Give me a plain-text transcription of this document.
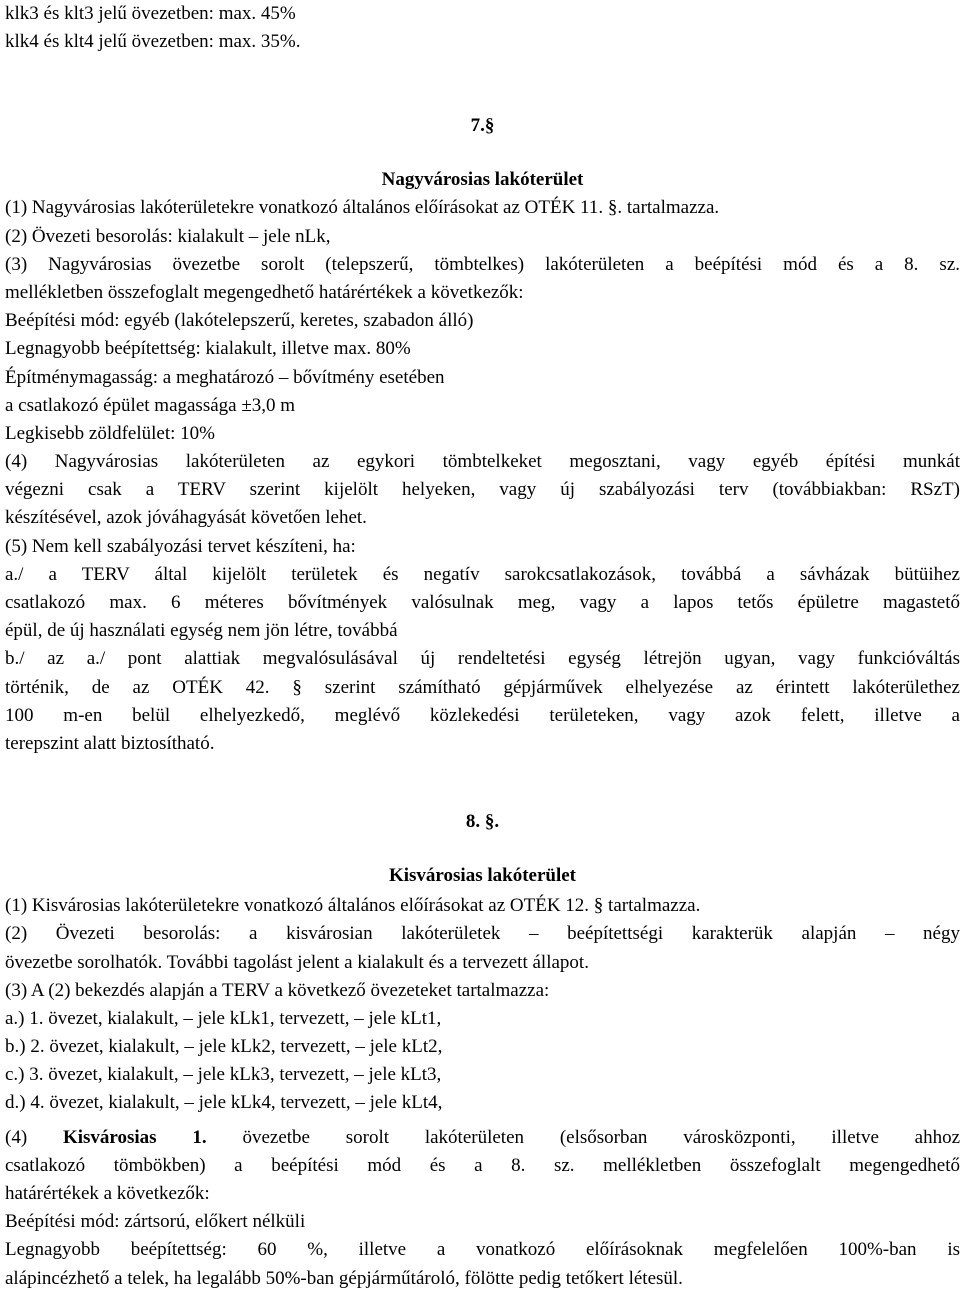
klk3 és klt3 jelű övezetben: max. 45%
klk4 és klt4 jelű övezetben: max. 35%.
7.§
Nagyvárosias lakóterület
(1) Nagyvárosias lakóterületekre vonatkozó általános előírásokat az OTÉK 11. §. tartalmazza.
(2) Övezeti besorolás: kialakult – jele nLk,
(3) Nagyvárosias övezetbe sorolt (telepszerű, tömbtelkes) lakóterületen a beépítési mód és a 8. sz.
mellékletben összefoglalt megengedhető határértékek a következők:
Beépítési mód: egyéb (lakótelepszerű, keretes, szabadon álló)
Legnagyobb beépítettség: kialakult, illetve max. 80%
Építménymagasság: a meghatározó – bővítmény esetében
a csatlakozó épület magassága ±3,0 m
Legkisebb zöldfelület: 10%
(4) Nagyvárosias lakóterületen az egykori tömbtelkeket megosztani, vagy egyéb építési munkát
végezni csak a TERV szerint kijelölt helyeken, vagy új szabályozási terv (továbbiakban: RSzT)
készítésével, azok jóváhagyását követően lehet.
(5) Nem kell szabályozási tervet készíteni, ha:
a./ a TERV által kijelölt területek és negatív sarokcsatlakozások, továbbá a sávházak bütüihez
csatlakozó max. 6 méteres bővítmények valósulnak meg, vagy a lapos tetős épületre magastető
épül, de új használati egység nem jön létre, továbbá
b./ az a./ pont alattiak megvalósulásával új rendeltetési egység létrejön ugyan, vagy funkcióváltás
történik, de az OTÉK 42. § szerint számítható gépjárművek elhelyezése az érintett lakóterülethez
100 m-en belül elhelyezkedő, meglévő közlekedési területeken, vagy azok felett, illetve a
terepszint alatt biztosítható.
8. §.
Kisvárosias lakóterület
(1) Kisvárosias lakóterületekre vonatkozó általános előírásokat az OTÉK 12. § tartalmazza.
(2) Övezeti besorolás: a kisvárosian lakóterületek – beépítettségi karakterük alapján – négy
övezetbe sorolhatók. További tagolást jelent a kialakult és a tervezett állapot.
(3) A (2) bekezdés alapján a TERV a következő övezeteket tartalmazza:
a.) 1. övezet, kialakult, – jele kLk1, tervezett, – jele kLt1,
b.) 2. övezet, kialakult, – jele kLk2, tervezett, – jele kLt2,
c.) 3. övezet, kialakult, – jele kLk3, tervezett, – jele kLt3,
d.) 4. övezet, kialakult, – jele kLk4, tervezett, – jele kLt4,
(4) Kisvárosias 1. övezetbe sorolt lakóterületen (elsősorban városközponti, illetve ahhoz
csatlakozó tömbökben) a beépítési mód és a 8. sz. mellékletben összefoglalt megengedhető
határértékek a következők:
Beépítési mód: zártsorú, előkert nélküli
Legnagyobb beépítettség: 60 %, illetve a vonatkozó előírásoknak megfelelően 100%-ban is
alápincézhető a telek, ha legalább 50%-ban gépjárműtároló, fölötte pedig tetőkert létesül.
